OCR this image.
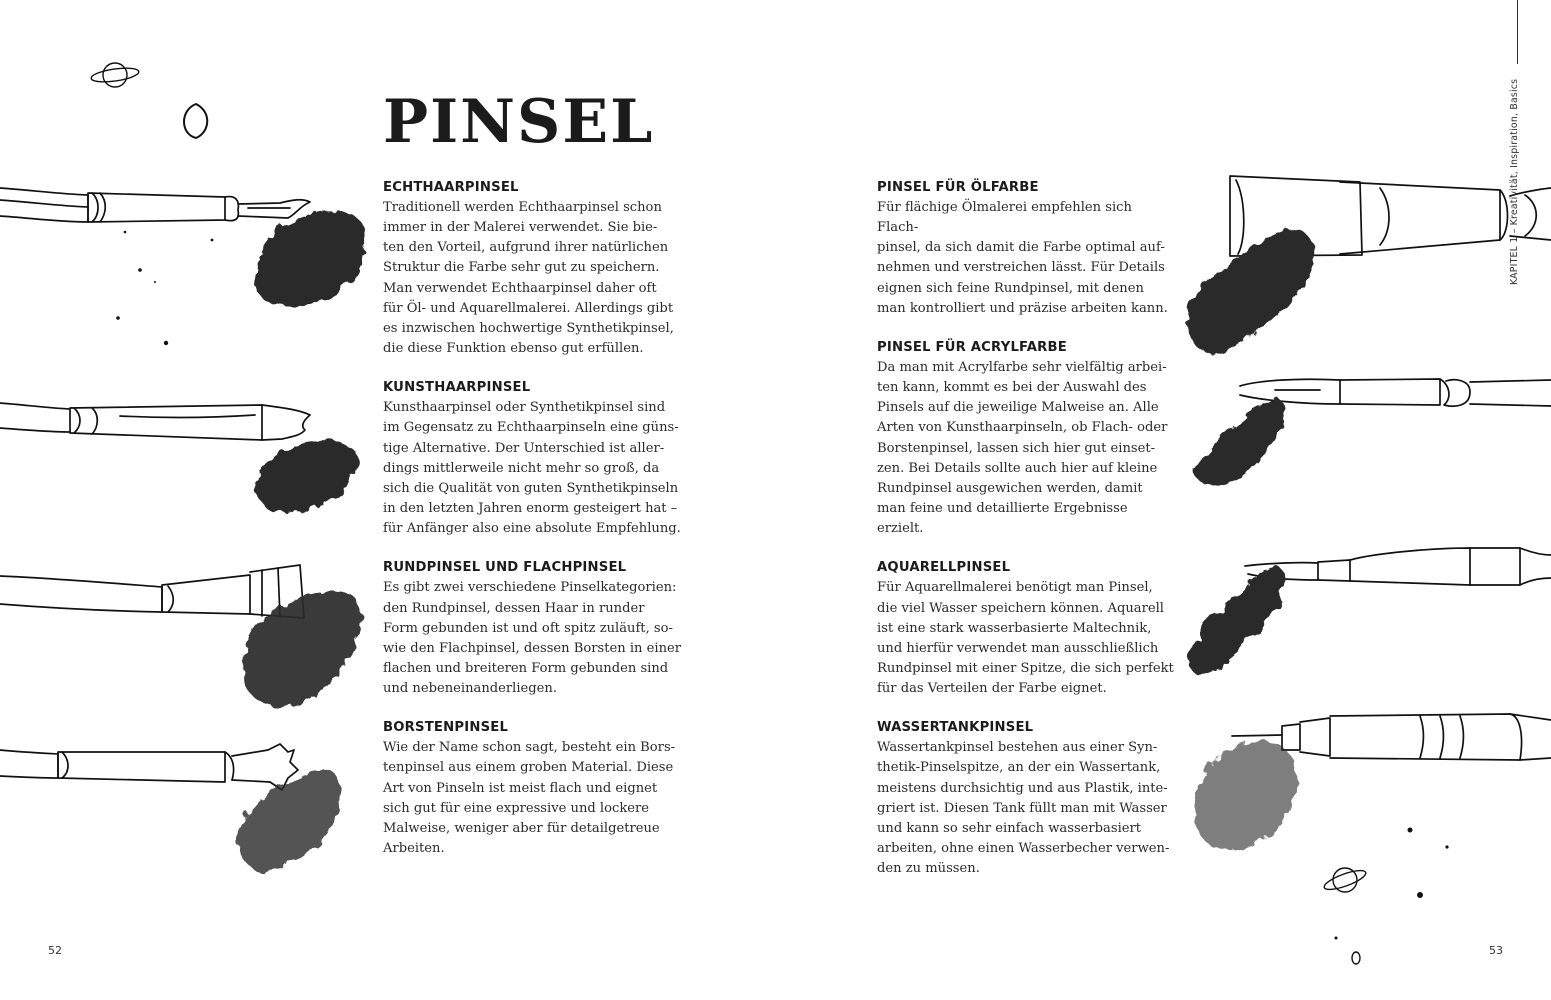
PINSEL
ECHTHAARPINSEL

Traditionell werden Echthaarpinsel schon
immer in der Malerei verwendet. Sie bie-
ten den Vorteil, aufgrund ihrer natürlichen
Struktur die Farbe sehr gut zu speichern.
Man verwendet Echthaarpinsel daher oft
für Öl- und Aquarellmalerei. Allerdings gibt
es inzwischen hochwertige Synthetikpinsel,
die diese Funktion ebenso gut erfüllen.

KUNSTHAARPINSEL

Kunsthaarpinsel oder Synthetikpinsel sind
im Gegensatz zu Echthaarpinseln eine güns-
tige Alternative. Der Unterschied ist aller-
dings mittlerweile nicht mehr so groß, da
sich die Qualität von guten Synthetikpinseln
in den letzten Jahren enorm gesteigert hat –
für Anfänger also eine absolute Empfehlung.

RUNDPINSEL UND FLACHPINSEL

Es gibt zwei verschiedene Pinselkategorien:
den Rundpinsel, dessen Haar in runder
Form gebunden ist und oft spitz zuläuft, so-
wie den Flachpinsel, dessen Borsten in einer
flachen und breiteren Form gebunden sind
und nebeneinanderliegen.

BORSTENPINSEL

Wie der Name schon sagt, besteht ein Bors-
tenpinsel aus einem groben Material. Diese
Art von Pinseln ist meist flach und eignet
sich gut für eine expressive und lockere
Malweise, weniger aber für detailgetreue
Arbeiten.

PINSEL FÜR ÖLFARBE

Für flächige Ölmalerei empfehlen sich Flach-
pinsel, da sich damit die Farbe optimal auf-
nehmen und verstreichen lässt. Für Details
eignen sich feine Rundpinsel, mit denen
man kontrolliert und präzise arbeiten kann.

PINSEL FÜR ACRYLFARBE

Da man mit Acrylfarbe sehr vielfältig arbei-
ten kann, kommt es bei der Auswahl des
Pinsels auf die jeweilige Malweise an. Alle
Arten von Kunsthaarpinseln, ob Flach- oder
Borstenpinsel, lassen sich hier gut einset-
zen. Bei Details sollte auch hier auf kleine
Rundpinsel ausgewichen werden, damit
man feine und detaillierte Ergebnisse erzielt.

AQUARELLPINSEL

Für Aquarellmalerei benötigt man Pinsel,
die viel Wasser speichern können. Aquarell
ist eine stark wasserbasierte Maltechnik,
und hierfür verwendet man ausschließlich
Rundpinsel mit einer Spitze, die sich perfekt
für das Verteilen der Farbe eignet.

WASSERTANKPINSEL

Wassertankpinsel bestehen aus einer Syn-
thetik-Pinselspitze, an der ein Wassertank,
meistens durchsichtig und aus Plastik, inte-
griert ist. Diesen Tank füllt man mit Wasser
und kann so sehr einfach wasserbasiert
arbeiten, ohne einen Wasserbecher verwen-
den zu müssen.

KAPITEL 1 – Kreativität, Inspiration, Basics
52	53
